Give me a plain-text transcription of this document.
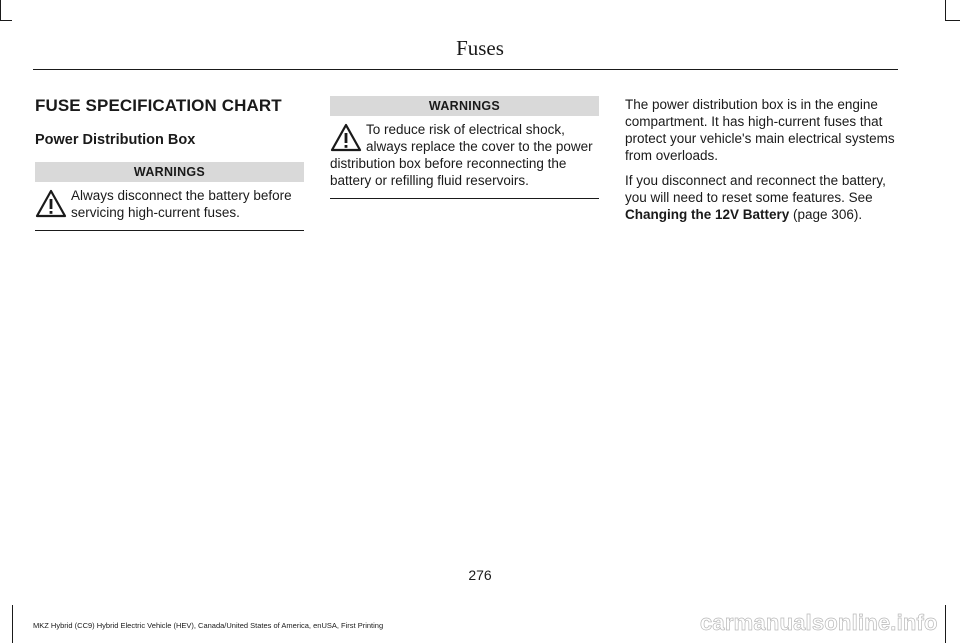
Fuses
FUSE SPECIFICATION CHART
Power Distribution Box
WARNINGS
Always disconnect the battery before servicing high-current fuses.
WARNINGS
To reduce risk of electrical shock, always replace the cover to the power distribution box before reconnecting the battery or refilling fluid reservoirs.

The power distribution box is in the engine compartment. It has high-current fuses that protect your vehicle's main electrical systems from overloads.

If you disconnect and reconnect the battery, you will need to reset some features. See Changing the 12V Battery (page 306).

276
MKZ Hybrid (CC9) Hybrid Electric Vehicle (HEV), Canada/United States of America, enUSA, First Printing	carmanualsonline.info
